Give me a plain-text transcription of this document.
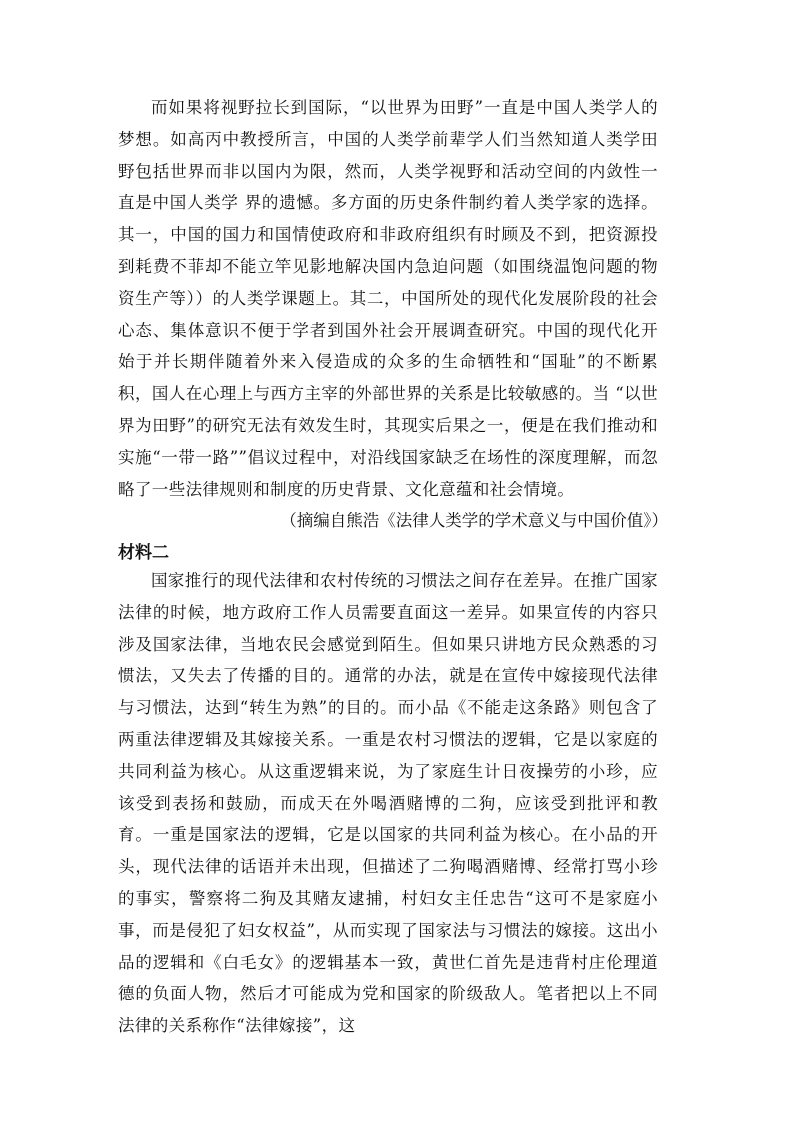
而如果将视野拉长到国际，“以世界为田野”一直是中国人类学人的梦想。如高丙中教授所言，中国的人类学前辈学人们当然知道人类学田野包括世界而非以国内为限，然而，人类学视野和活动空间的内敛性一直是中国人类学 界的遗憾。多方面的历史条件制约着人类学家的选择。其一，中国的国力和国情使政府和非政府组织有时顾及不到，把资源投到耗费不菲却不能立竿见影地解决国内急迫问题（如围绕温饱问题的物资生产等））的人类学课题上。其二，中国所处的现代化发展阶段的社会心态、集体意识不便于学者到国外社会开展调查研究。中国的现代化开始于并长期伴随着外来入侵造成的众多的生命牺牲和“国耻”的不断累积，国人在心理上与西方主宰的外部世界的关系是比较敏感的。当 “以世界为田野”的研究无法有效发生时，其现实后果之一，便是在我们推动和实施“一带一路””倡议过程中，对沿线国家缺乏在场性的深度理解，而忽略了一些法律规则和制度的历史背景、文化意蕴和社会情境。

（摘编自熊浩《法律人类学的学术意义与中国价值》）

材料二

国家推行的现代法律和农村传统的习惯法之间存在差异。在推广国家法律的时候，地方政府工作人员需要直面这一差异。如果宣传的内容只涉及国家法律，当地农民会感觉到陌生。但如果只讲地方民众熟悉的习惯法，又失去了传播的目的。通常的办法，就是在宣传中嫁接现代法律与习惯法，达到“转生为熟”的目的。而小品《不能走这条路》则包含了两重法律逻辑及其嫁接关系。一重是农村习惯法的逻辑，它是以家庭的共同利益为核心。从这重逻辑来说，为了家庭生计日夜操劳的小珍，应该受到表扬和鼓励，而成天在外喝酒赌博的二狗，应该受到批评和教育。一重是国家法的逻辑，它是以国家的共同利益为核心。在小品的开头，现代法律的话语并未出现，但描述了二狗喝酒赌博、经常打骂小珍的事实，警察将二狗及其赌友逮捕，村妇女主任忠告“这可不是家庭小事，而是侵犯了妇女权益”，从而实现了国家法与习惯法的嫁接。这出小品的逻辑和《白毛女》的逻辑基本一致，黄世仁首先是违背村庄伦理道德的负面人物，然后才可能成为党和国家的阶级敌人。笔者把以上不同法律的关系称作“法律嫁接”，这
